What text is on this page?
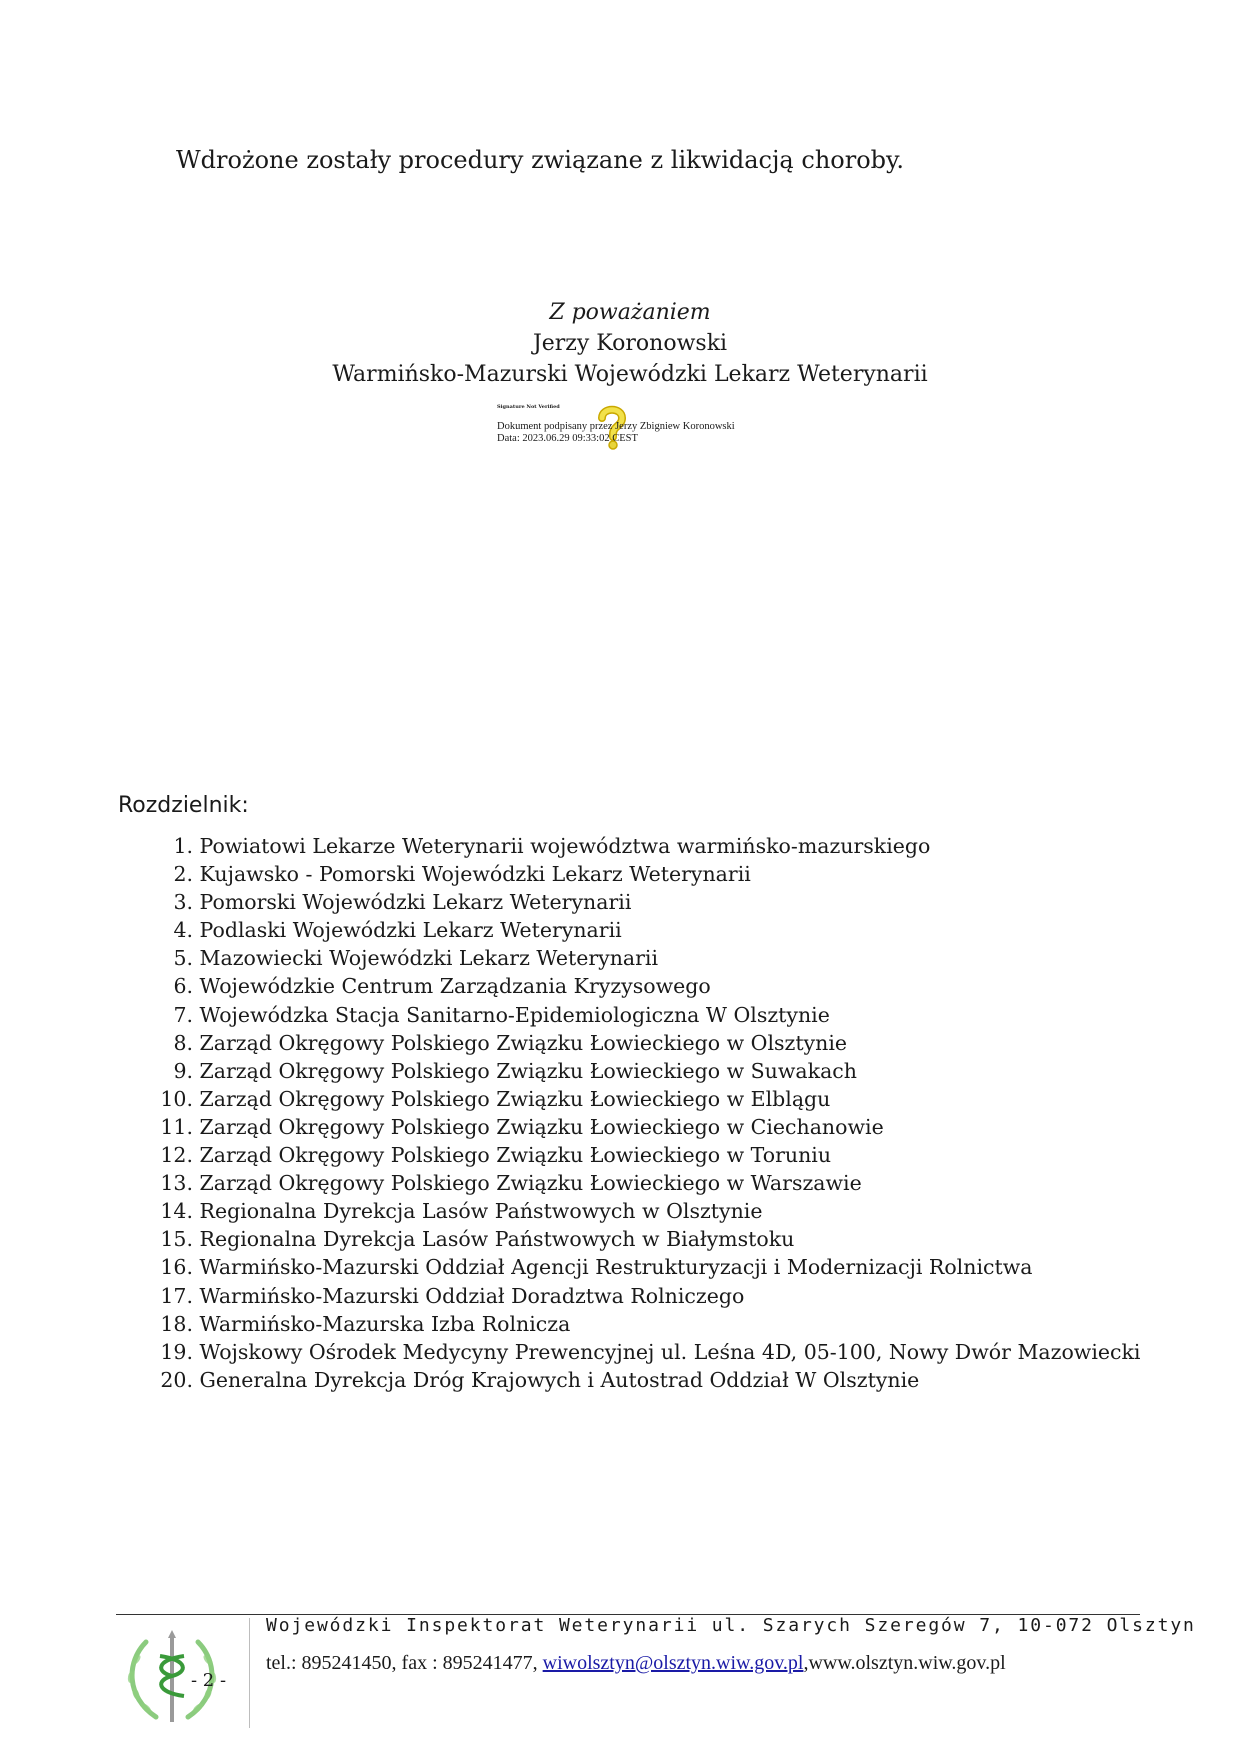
Wdrożone zostały procedury związane z likwidacją choroby.
Z poważaniem
Jerzy Koronowski
Warmińsko-Mazurski Wojewódzki Lekarz Weterynarii
Signature Not Verified
Dokument podpisany przez Jerzy Zbigniew Koronowski
Data: 2023.06.29 09:33:02 CEST
Rozdzielnik:
1. Powiatowi Lekarze Weterynarii województwa warmińsko-mazurskiego
2. Kujawsko - Pomorski Wojewódzki Lekarz Weterynarii
3. Pomorski Wojewódzki Lekarz Weterynarii
4. Podlaski Wojewódzki Lekarz Weterynarii
5. Mazowiecki Wojewódzki Lekarz Weterynarii
6. Wojewódzkie Centrum Zarządzania Kryzysowego
7. Wojewódzka Stacja Sanitarno-Epidemiologiczna W Olsztynie
8. Zarząd Okręgowy Polskiego Związku Łowieckiego w Olsztynie
9. Zarząd Okręgowy Polskiego Związku Łowieckiego w Suwakach
10. Zarząd Okręgowy Polskiego Związku Łowieckiego w Elblągu
11. Zarząd Okręgowy Polskiego Związku Łowieckiego w Ciechanowie
12. Zarząd Okręgowy Polskiego Związku Łowieckiego w Toruniu
13. Zarząd Okręgowy Polskiego Związku Łowieckiego w Warszawie
14. Regionalna Dyrekcja Lasów Państwowych w Olsztynie
15. Regionalna Dyrekcja Lasów Państwowych w Białymstoku
16. Warmińsko-Mazurski Oddział Agencji Restrukturyzacji i Modernizacji Rolnictwa
17. Warmińsko-Mazurski Oddział Doradztwa Rolniczego
18. Warmińsko-Mazurska Izba Rolnicza
19. Wojskowy Ośrodek Medycyny Prewencyjnej ul. Leśna 4D, 05-100, Nowy Dwór Mazowiecki
20. Generalna Dyrekcja Dróg Krajowych i Autostrad Oddział W Olsztynie
- 2 -
Wojewódzki Inspektorat Weterynarii ul. Szarych Szeregów 7, 10-072 Olsztyn
tel.: 895241450, fax : 895241477, wiwolsztyn@olsztyn.wiw.gov.pl,www.olsztyn.wiw.gov.pl
